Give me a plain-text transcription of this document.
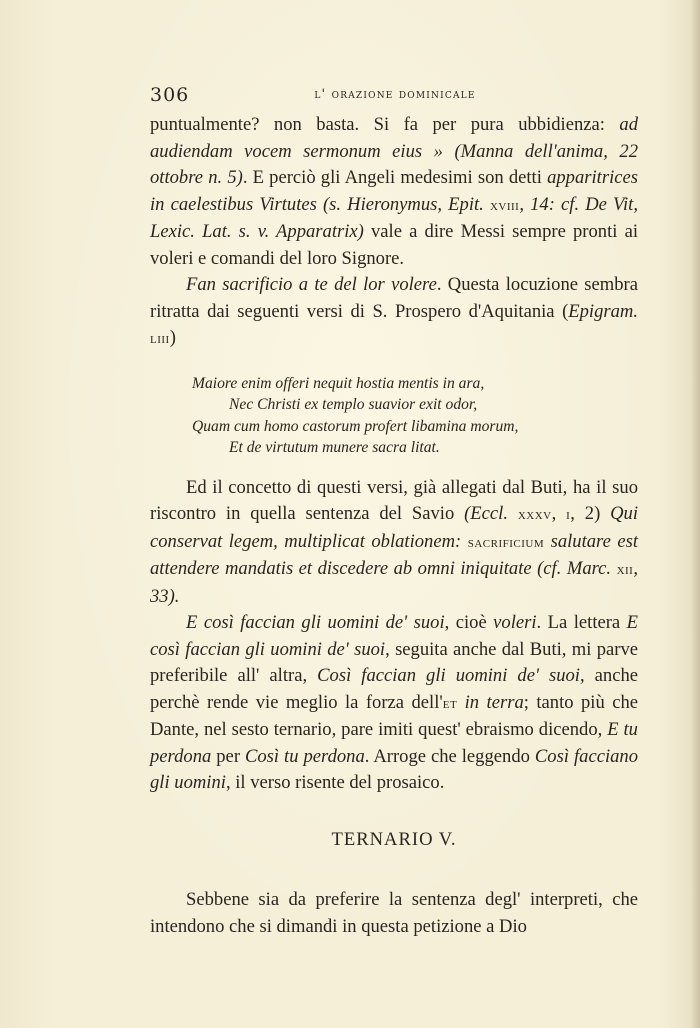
306	l' orazione dominicale

puntualmente? non basta. Si fa per pura ubbidienza: ad audiendam vocem sermonum eius » (Manna dell'anima, 22 ottobre n. 5). E perciò gli Angeli medesimi son detti apparitrices in caelestibus Virtutes (s. Hieronymus, Epit. xviii, 14: cf. De Vit, Lexic. Lat. s. v. Apparatrix) vale a dire Messi sempre pronti ai voleri e comandi del loro Signore.

Fan sacrificio a te del lor volere. Questa locuzione sembra ritratta dai seguenti versi di S. Prospero d'Aquitania (Epigram. liii)

Maiore enim offeri nequit hostia mentis in ara,
Nec Christi ex templo suavior exit odor,
Quam cum homo castorum profert libamina morum,
Et de virtutum munere sacra litat.

Ed il concetto di questi versi, già allegati dal Buti, ha il suo riscontro in quella sentenza del Savio (Eccl. xxxv, i, 2) Qui conservat legem, multiplicat oblationem: sacrificium salutare est attendere mandatis et discedere ab omni iniquitate (cf. Marc. xii, 33).

E così faccian gli uomini de' suoi, cioè voleri. La lettera E così faccian gli uomini de' suoi, seguita anche dal Buti, mi parve preferibile all' altra, Così faccian gli uomini de' suoi, anche perchè rende vie meglio la forza dell'et in terra; tanto più che Dante, nel sesto ternario, pare imiti quest' ebraismo dicendo, E tu perdona per Così tu perdona. Arroge che leggendo Così facciano gli uomini, il verso risente del prosaico.

TERNARIO V.

Sebbene sia da preferire la sentenza degl' interpreti, che intendono che si dimandi in questa petizione a Dio
